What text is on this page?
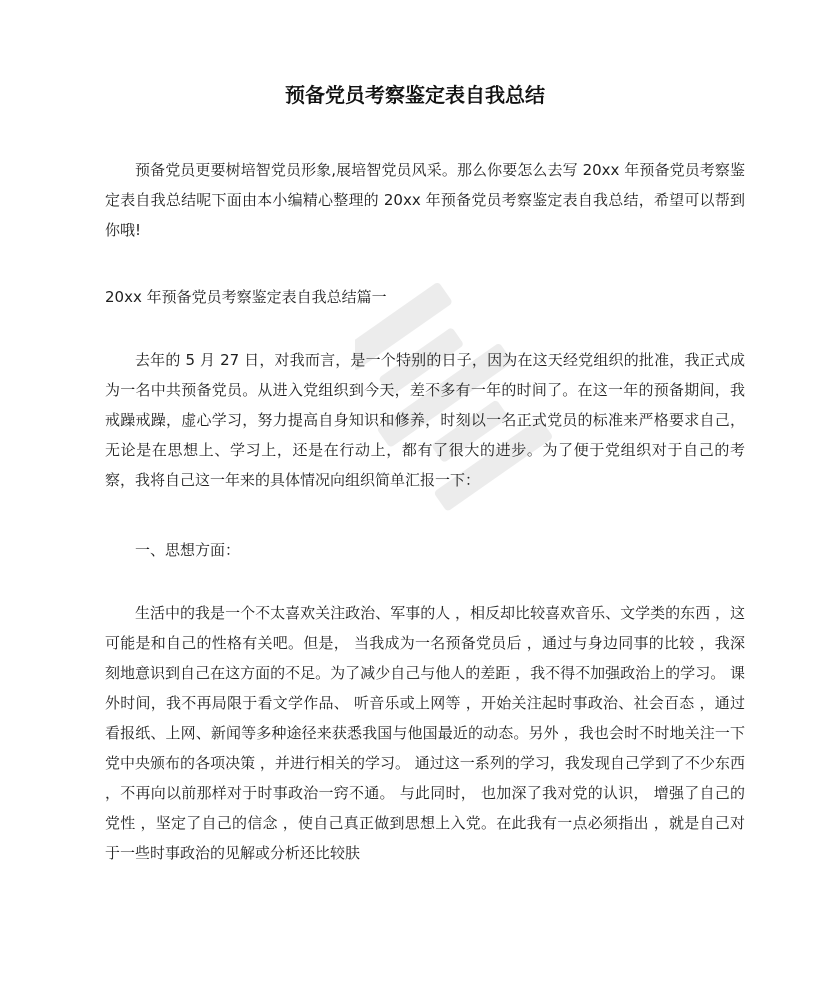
预备党员考察鉴定表自我总结

预备党员更要树培智党员形象,展培智党员风采。那么你要怎么去写 20xx 年预备党员考察鉴定表自我总结呢下面由本小编精心整理的 20xx 年预备党员考察鉴定表自我总结，希望可以帮到你哦!

20xx 年预备党员考察鉴定表自我总结篇一

去年的 5 月 27 日，对我而言，是一个特别的日子，因为在这天经党组织的批准，我正式成为一名中共预备党员。从进入党组织到今天，差不多有一年的时间了。在这一年的预备期间，我戒躁戒躁，虚心学习，努力提高自身知识和修养，时刻以一名正式党员的标准来严格要求自己，无论是在思想上、学习上，还是在行动上，都有了很大的进步。为了便于党组织对于自己的考察，我将自己这一年来的具体情况向组织简单汇报一下：

一、思想方面：

生活中的我是一个不太喜欢关注政治、军事的人 ，相反却比较喜欢音乐、文学类的东西 ，这可能是和自己的性格有关吧。但是， 当我成为一名预备党员后 ，通过与身边同事的比较 ，我深刻地意识到自己在这方面的不足。为了减少自己与他人的差距 ，我不得不加强政治上的学习。 课外时间，我不再局限于看文学作品、 听音乐或上网等 ，开始关注起时事政治、社会百态 ，通过看报纸、上网、新闻等多种途径来获悉我国与他国最近的动态。另外 ，我也会时不时地关注一下党中央颁布的各项决策 ，并进行相关的学习。 通过这一系列的学习，我发现自己学到了不少东西 ，不再向以前那样对于时事政治一窍不通。 与此同时， 也加深了我对党的认识， 增强了自己的党性 ，坚定了自己的信念 ，使自己真正做到思想上入党。在此我有一点必须指出 ，就是自己对于一些时事政治的见解或分析还比较肤
